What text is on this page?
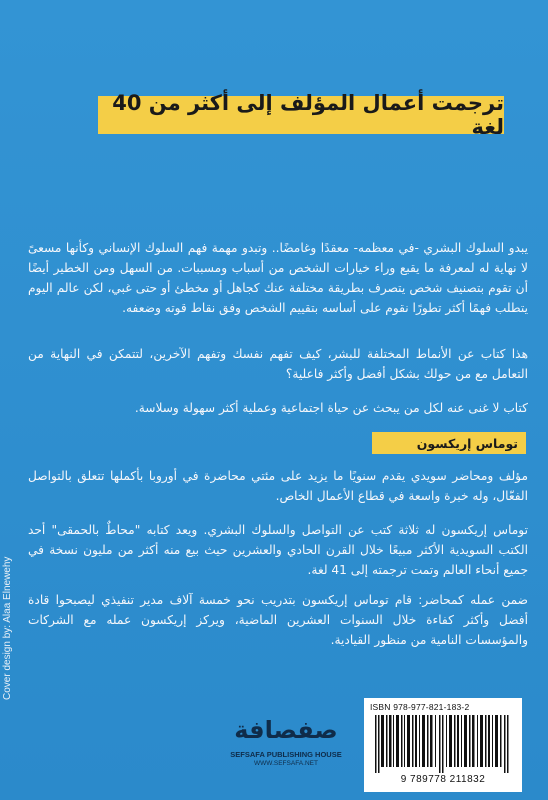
ترجمت أعمال المؤلف إلى أكثر من 40 لغة
يبدو السلوك البشري -في معظمه- معقدًا وغامضًا.. وتبدو مهمة فهم السلوك الإنساني وكأنها مسعىً لا نهاية له لمعرفة ما يقبع وراء خيارات الشخص من أسباب ومسببات. من السهل ومن الخطير أيضًا أن تقوم بتصنيف شخص يتصرف بطريقة مختلفة عنك كجاهل أو مخطئ أو حتى غبي، لكن عالم اليوم يتطلب فهمًا أكثر تطورًا نقوم على أساسه بتقييم الشخص وفق نقاط قوته وضعفه.
هذا كتاب عن الأنماط المختلفة للبشر، كيف تفهم نفسك وتفهم الآخرين، لتتمكن في النهاية من التعامل مع من حولك بشكل أفضل وأكثر فاعلية؟
كتاب لا غنى عنه لكل من يبحث عن حياة اجتماعية وعملية أكثر سهولة وسلاسة.
توماس إريكسون
مؤلف ومحاضر سويدي يقدم سنويًا ما يزيد على مئتي محاضرة في أوروبا بأكملها تتعلق بالتواصل الفعّال، وله خبرة واسعة في قطاع الأعمال الخاص.
توماس إريكسون له ثلاثة كتب عن التواصل والسلوك البشري. ويعد كتابه "محاطٌ بالحمقى" أحد الكتب السويدية الأكثر مبيعًا خلال القرن الحادي والعشرين حيث بيع منه أكثر من مليون نسخة في جميع أنحاء العالم وتمت ترجمته إلى 41 لغة.
ضمن عمله كمحاضر: قام توماس إريكسون بتدريب نحو خمسة آلاف مدير تنفيذي ليصبحوا قادة أفضل وأكثر كفاءة خلال السنوات العشرين الماضية، ويركز إريكسون عمله مع الشركات والمؤسسات النامية من منظور القيادية.
Cover design by: Alaa Elnewehy
صفصافة
SEFSAFA PUBLISHING HOUSE
WWW.SEFSAFA.NET
ISBN 978-977-821-183-2
9 789778 211832
